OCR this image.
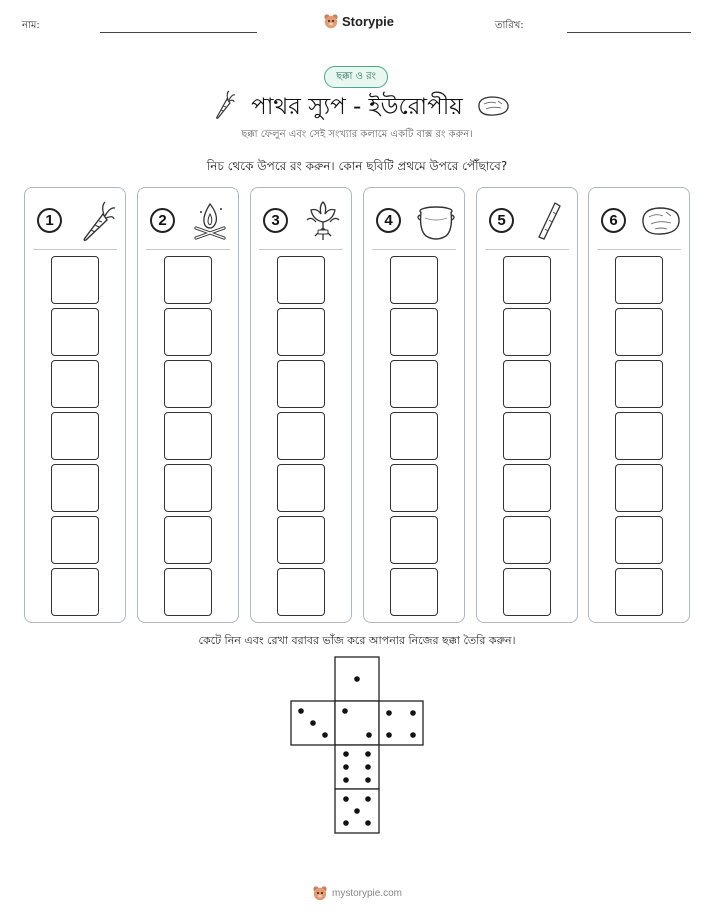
নাম:	Storypie	তারিখ:
ছক্কা ও রং
পাথর স্যুপ - ইউরোপীয়
ছক্কা ফেলুন এবং সেই সংখ্যার কলামে একটি বাক্স রং করুন।
নিচ থেকে উপরে রং করুন। কোন ছবিটি প্রথমে উপরে পৌঁছাবে?
1	2	3	4	5	6
কেটে নিন এবং রেখা বরাবর ভাঁজ করে আপনার নিজের ছক্কা তৈরি করুন।
mystorypie.com
